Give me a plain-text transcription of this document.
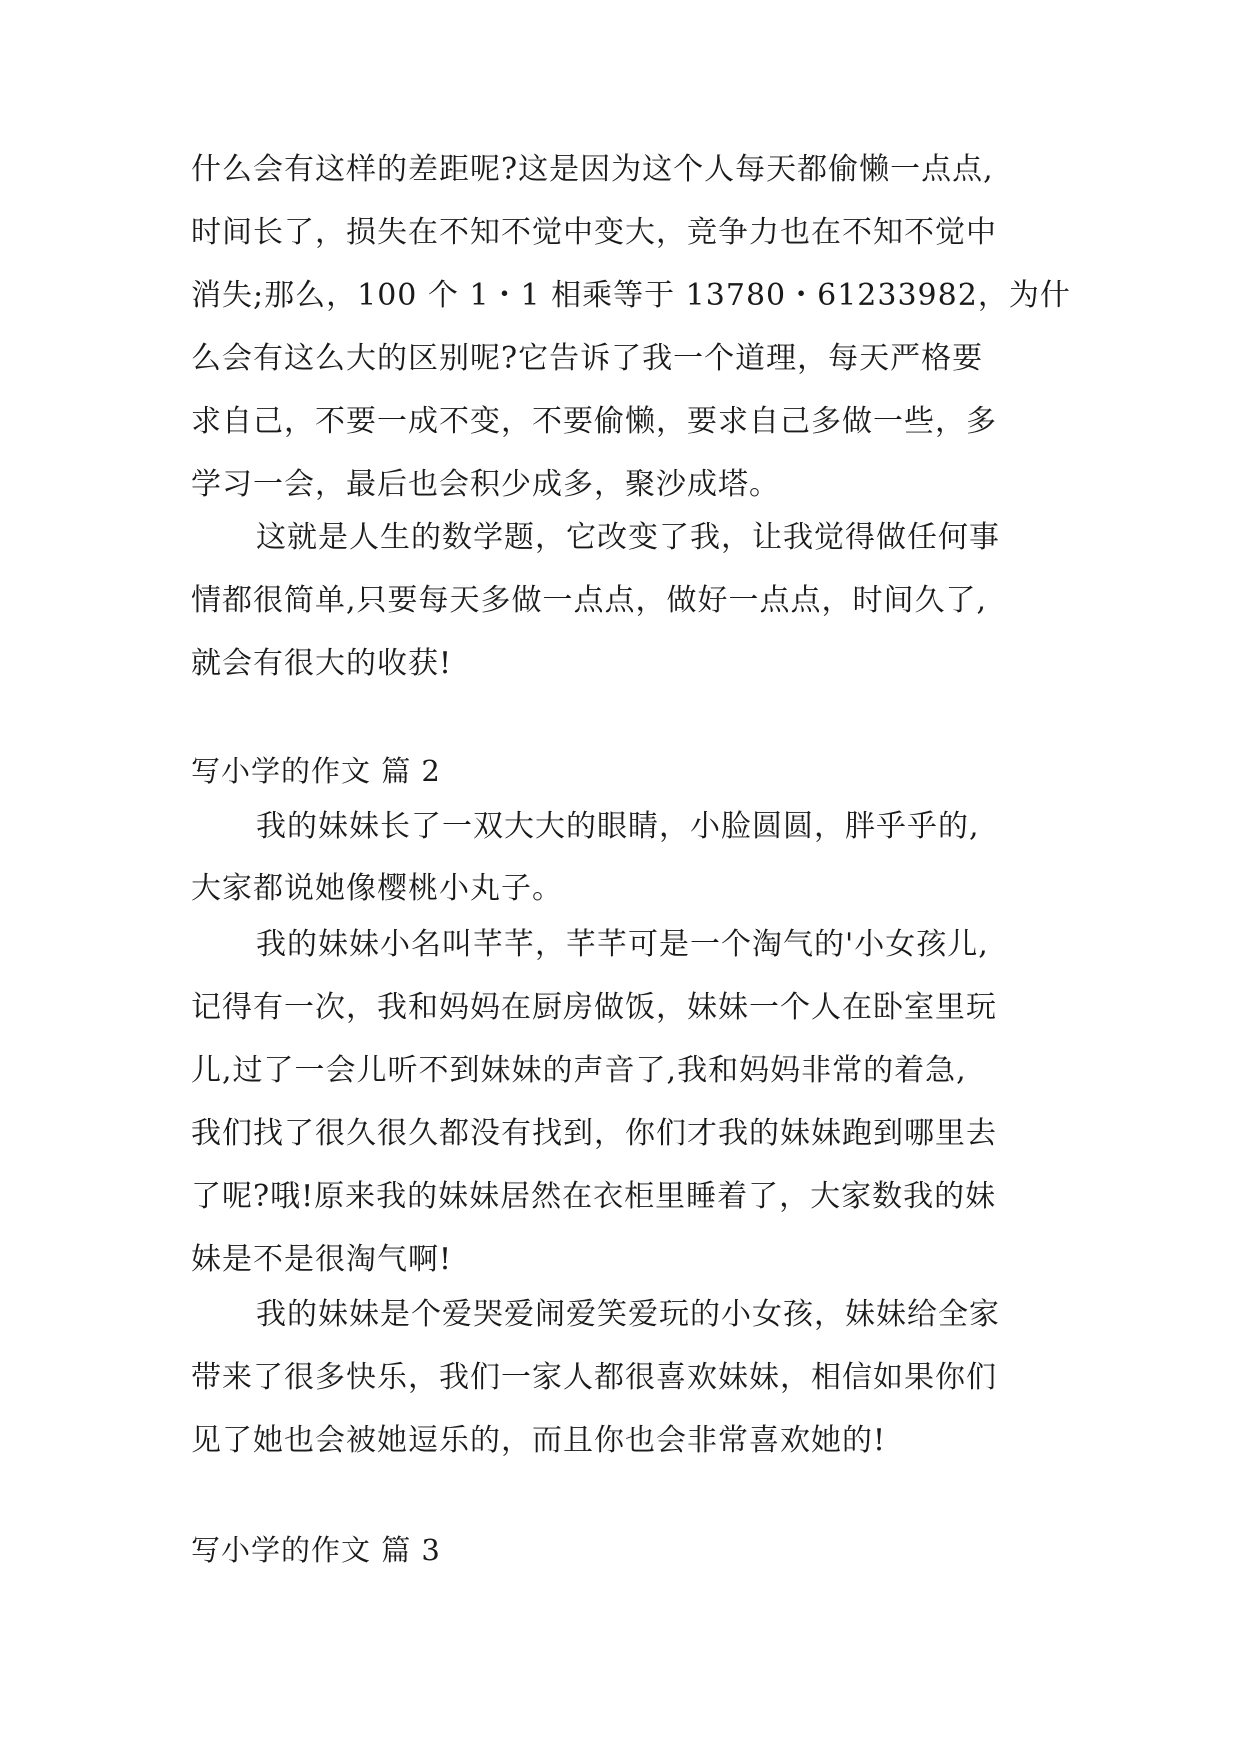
什么会有这样的差距呢?这是因为这个人每天都偷懒一点点,
时间长了，损失在不知不觉中变大，竞争力也在不知不觉中
消失;那么，100 个 1・1 相乘等于 13780・61233982，为什
么会有这么大的区别呢?它告诉了我一个道理，每天严格要
求自己，不要一成不变，不要偷懒，要求自己多做一些，多
学习一会，最后也会积少成多，聚沙成塔。
这就是人生的数学题，它改变了我，让我觉得做任何事
情都很简单,只要每天多做一点点，做好一点点，时间久了,
就会有很大的收获!
写小学的作文 篇 2
我的妹妹长了一双大大的眼睛，小脸圆圆，胖乎乎的,
大家都说她像樱桃小丸子。
我的妹妹小名叫芊芊，芊芊可是一个淘气的'小女孩儿,
记得有一次，我和妈妈在厨房做饭，妹妹一个人在卧室里玩
儿,过了一会儿听不到妹妹的声音了,我和妈妈非常的着急,
我们找了很久很久都没有找到，你们才我的妹妹跑到哪里去
了呢?哦!原来我的妹妹居然在衣柜里睡着了，大家数我的妹
妹是不是很淘气啊!
我的妹妹是个爱哭爱闹爱笑爱玩的小女孩，妹妹给全家
带来了很多快乐，我们一家人都很喜欢妹妹，相信如果你们
见了她也会被她逗乐的，而且你也会非常喜欢她的!
写小学的作文 篇 3
